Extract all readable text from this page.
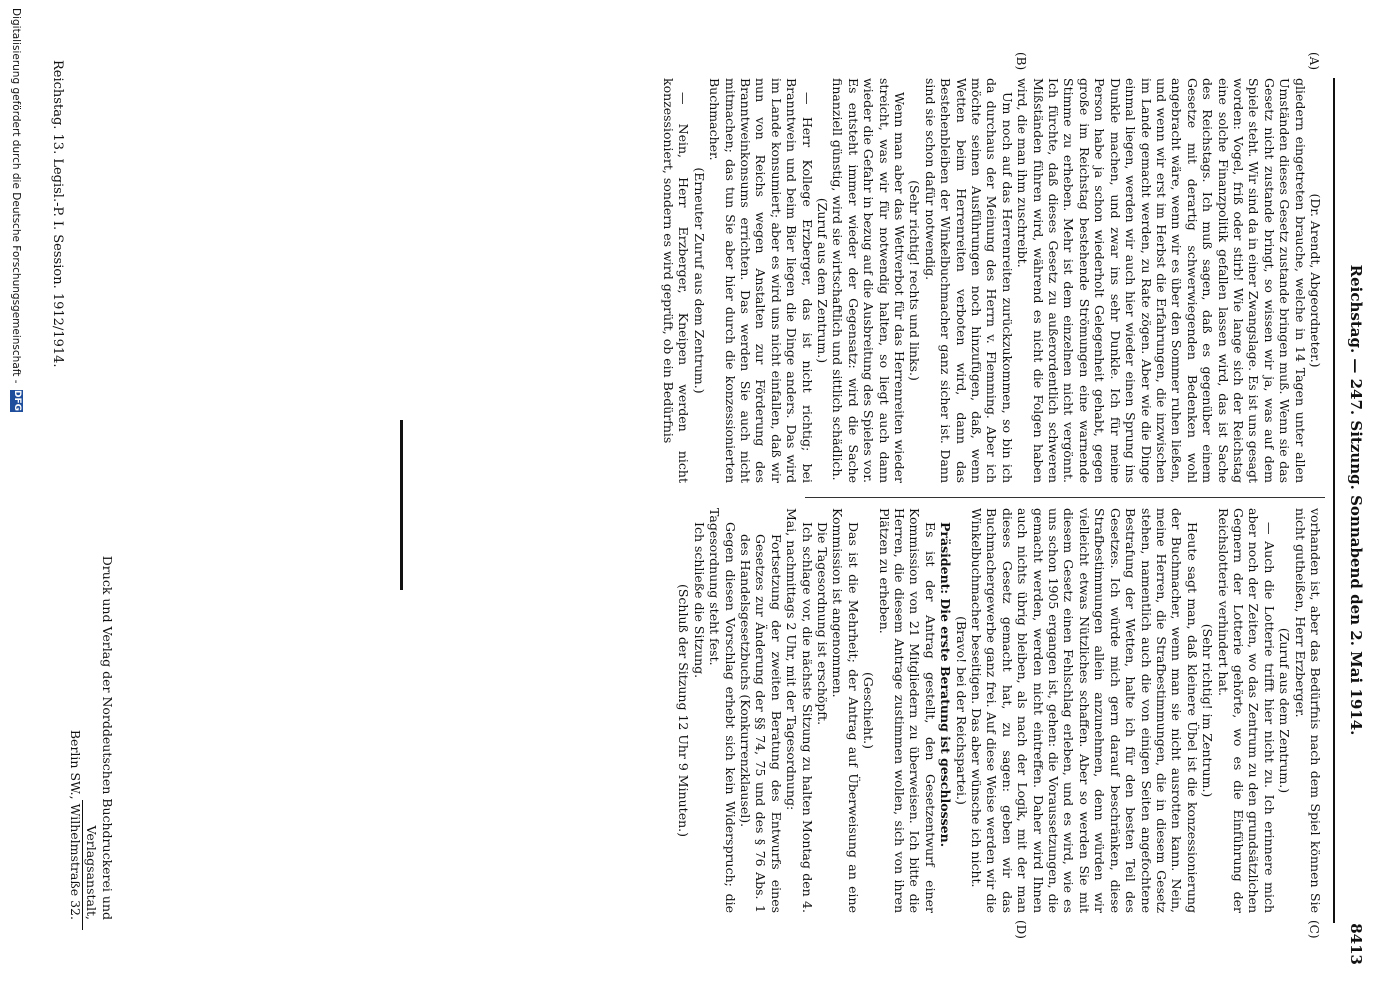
Reichstag. — 247. Sitzung. Sonnabend den 2. Mai 1914.
8413
(A)
(B)
(C)
(D)

(Dr. Arendt, Abgeordneter.)

gliedern eingetreten brauche, welche in 14 Tagen unter allen Umständen dieses Gesetz zustande bringen muß. Wenn sie das Gesetz nicht zustande bringt, so wissen wir ja, was auf dem Spiele steht. Wir sind da in einer Zwangslage. Es ist uns gesagt worden: Vogel, friß oder stirb! Wie lange sich der Reichstag eine solche Finanzpolitik gefallen lassen wird, das ist Sache des Reichstags. Ich muß sagen, daß es gegenüber einem Gesetze mit derartig schwerwiegenden Bedenken wohl angebracht wäre, wenn wir es über den Sommer ruhen ließen, und wenn wir erst im Herbst die Erfahrungen, die inzwischen im Lande gemacht werden, zu Rate zögen. Aber wie die Dinge einmal liegen, werden wir auch hier wieder einen Sprung ins Dunkle machen, und zwar ins sehr Dunkle. Ich für meine Person habe ja schon wiederholt Gelegenheit gehabt, gegen große im Reichstag bestehende Strömungen eine warnende Stimme zu erheben. Mehr ist dem einzelnen nicht vergönnt. Ich fürchte, daß dieses Gesetz zu außerordentlich schweren Mißständen führen wird, während es nicht die Folgen haben wird, die man ihm zuschreibt.

Um noch auf das Herrenreiten zurückzukommen, so bin ich da durchaus der Meinung des Herrn v. Flemming. Aber ich möchte seinen Ausführungen noch hinzufügen, daß, wenn Wetten beim Herrenreiten verboten wird, dann das Bestehenbleiben der Winkelbuchmacher ganz sicher ist. Dann sind sie schon dafür notwendig.

(Sehr richtig! rechts und links.)

Wenn man aber das Wettverbot für das Herrenreiten wieder streicht, was wir für notwendig halten, so liegt auch dann wieder die Gefahr in bezug auf die Ausbreitung des Spieles vor. Es entsteht immer wieder der Gegensatz: wird die Sache finanziell günstig, wird sie wirtschaftlich und sittlich schädlich.

(Zuruf aus dem Zentrum.)

— Herr Kollege Erzberger, das ist nicht richtig; bei Branntwein und beim Bier liegen die Dinge anders. Das wird im Lande konsumiert; aber es wird uns nicht einfallen, daß wir nun von Reichs wegen Anstalten zur Förderung des Branntweinkonsums errichten. Das werden Sie auch nicht mitmachen; das tun Sie aber hier durch die konzessionierten Buchmacher.

(Erneuter Zuruf aus dem Zentrum.)

— Nein, Herr Erzberger, Kneipen werden nicht konzessioniert, sondern es wird geprüft, ob ein Bedürfnis

vorhanden ist, aber das Bedürfnis nach dem Spiel können Sie nicht gutheißen, Herr Erzberger.

(Zuruf aus dem Zentrum.)

— Auch die Lotterie trifft hier nicht zu. Ich erinnere mich aber noch der Zeiten, wo das Zentrum zu den grundsätzlichen Gegnern der Lotterie gehörte, wo es die Einführung der Reichslotterie verhindert hat.

(Sehr richtig! im Zentrum.)

Heute sagt man, daß kleinere Übel ist die konzessionierung der Buchmacher, wenn man sie nicht ausrotten kann. Nein, meine Herren, die Strafbestimmungen, die in diesem Gesetz stehen, namentlich auch die von einigen Seiten angefochtene Bestrafung der Wetten, halte ich für den besten Teil des Gesetzes. Ich würde mich gern darauf beschränken, diese Strafbestimmungen allein anzunehmen, denn würden wir vielleicht etwas Nützliches schaffen. Aber so werden Sie mit diesem Gesetz einen Fehlschlag erleben, und es wird, wie es uns schon 1905 ergangen ist, gehen: die Voraussetzungen, die gemacht werden, werden nicht eintreffen. Daher wird Ihnen auch nichts übrig bleiben, als nach der Logik, mit der man dieses Gesetz gemacht hat, zu sagen: geben wir das Buchmachergewerbe ganz frei. Auf diese Weise werden wir die Winkelbuchmacher beseitigen. Das aber wünsche ich nicht.

(Bravo! bei der Reichspartei.)

Präsident: Die erste Beratung ist geschlossen.

Es ist der Antrag gestellt, den Gesetzentwurf einer Kommission von 21 Mitgliedern zu überweisen. Ich bitte die Herren, die diesem Antrage zustimmen wollen, sich von ihren Plätzen zu erheben.

(Geschieht.)

Das ist die Mehrheit; der Antrag auf Überweisung an eine Kommission ist angenommen.

Die Tagesordnung ist erschöpft.

Ich schlage vor, die nächste Sitzung zu halten Montag den 4. Mai, nachmittags 2 Uhr, mit der Tagesordnung:

Fortsetzung der zweiten Beratung des Entwurfs eines Gesetzes zur Änderung der §§ 74, 75 und des § 76 Abs. 1 des Handelsgesetzbuchs (Konkurrenzklausel).

Gegen diesen Vorschlag erhebt sich kein Widerspruch; die Tagesordnung steht fest.

Ich schließe die Sitzung.

(Schluß der Sitzung 12 Uhr 9 Minuten.)

Reichstag. 13. Legisl.-P. I. Session. 1912/1914.
Druck und Verlag der Norddeutschen Buchdruckerei und Verlagsanstalt,
Berlin SW., Wilhelmstraße 32.
Digitalisierung gefördert durch die Deutsche Forschungsgemeinschaft -
DFG
